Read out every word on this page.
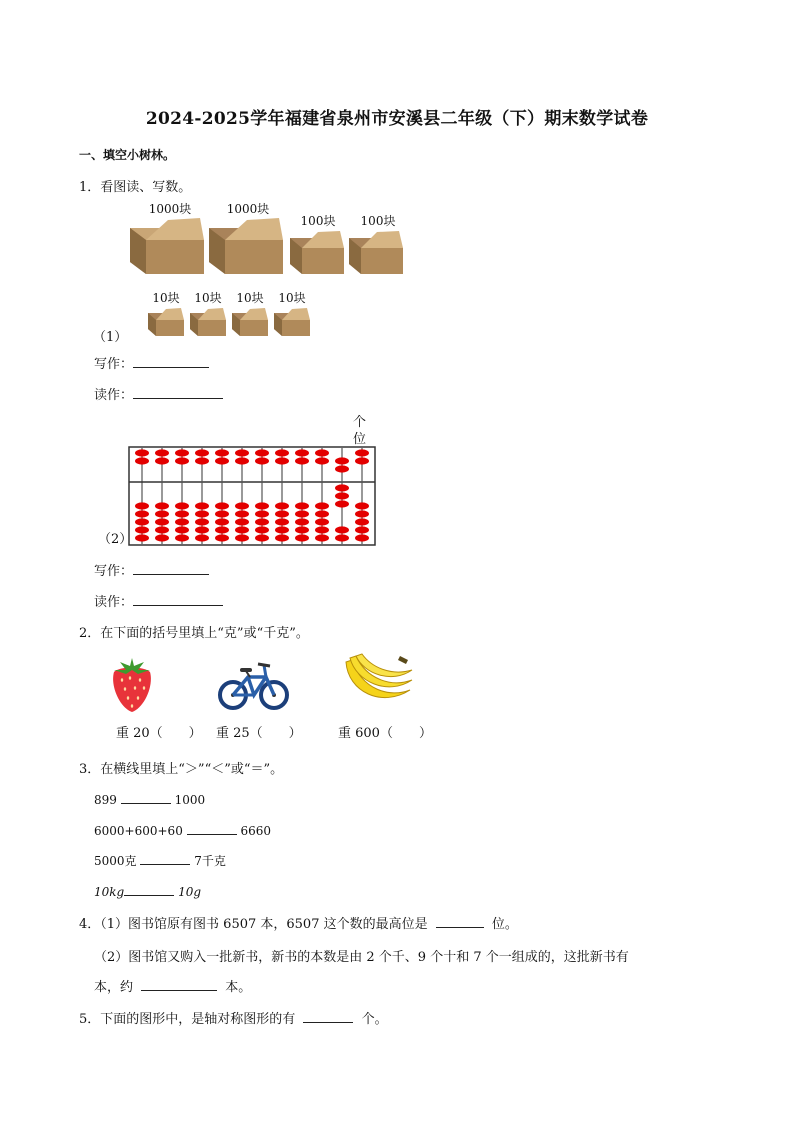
2024-2025学年福建省泉州市安溪县二年级（下）期末数学试卷
一、填空小树林。
1．看图读、写数。
1000块	1000块
100块	100块
10块	10块	10块	10块
（1）
写作：
读作：
个
位
（2）
写作：
读作：
2．在下面的括号里填上“克”或“千克”。
重 20（　　） 重 25（　　）	重 600（　　）
3．在横线里填上“＞”“＜”或“＝”。
899	1000
6000+600+60	6660
5000克	7千克
10kg	10g
4．（1）图书馆原有图书 6507 本，6507 这个数的最高位是	位。
（2）图书馆又购入一批新书，新书的本数是由 2 个千、9 个十和 7 个一组成的，这批新书有
本，约	本。
5．下面的图形中，是轴对称图形的有	个。
